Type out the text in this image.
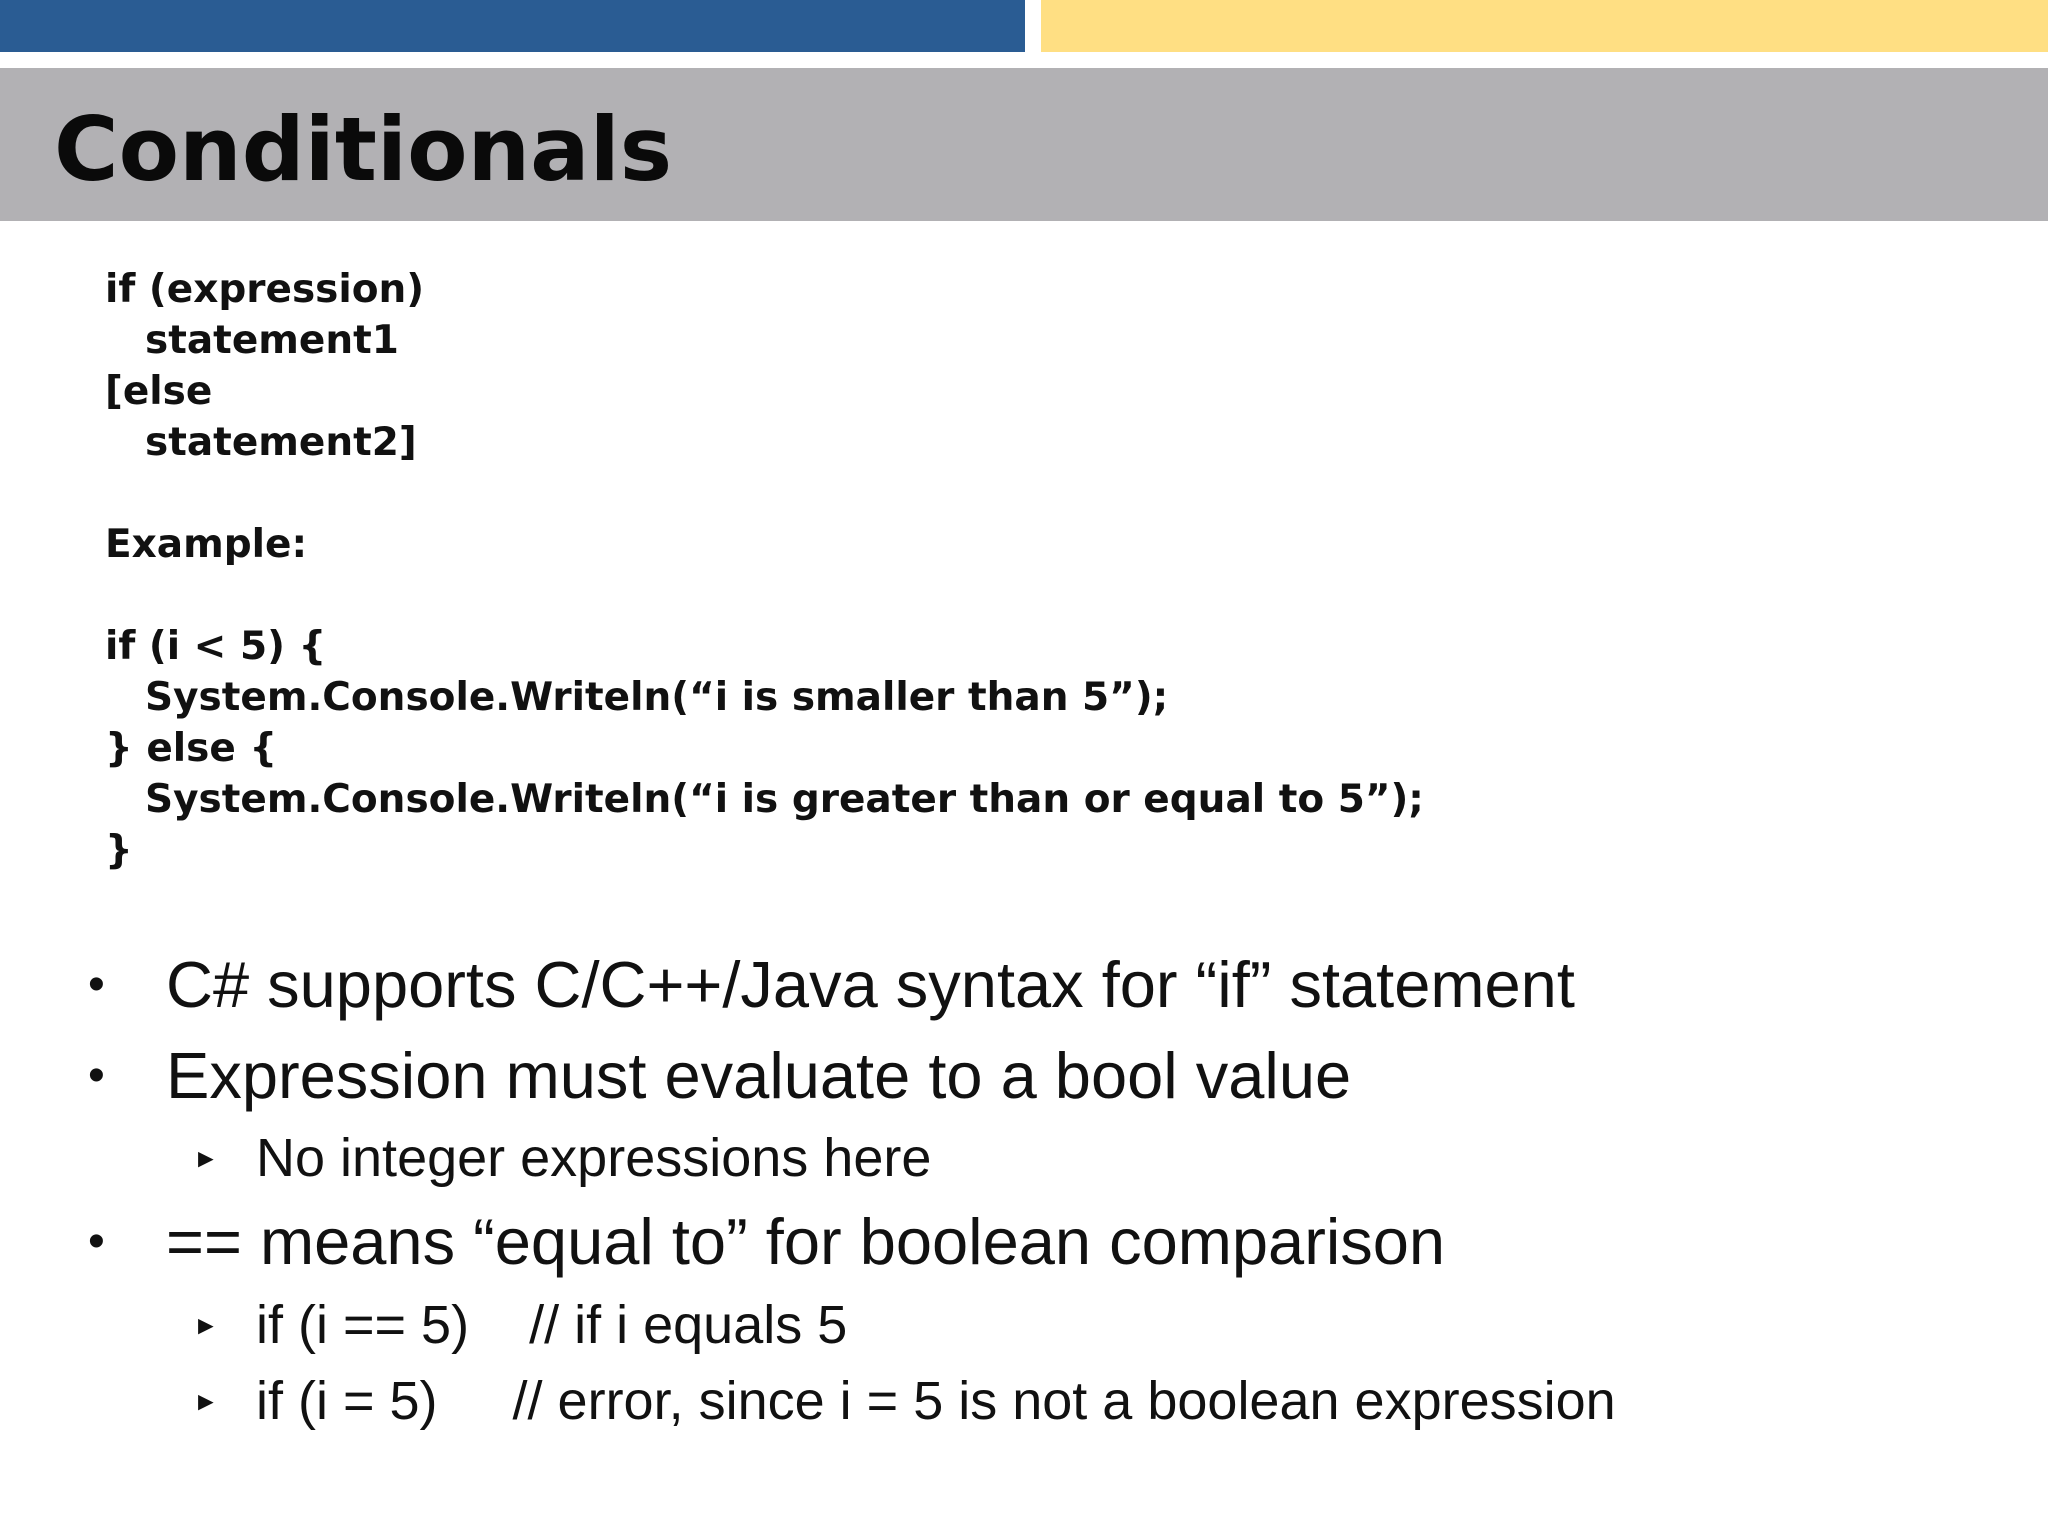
Conditionals
if (expression)
statement1
[else
statement2]
Example:
if (i < 5) {
System.Console.Writeln(“i is smaller than 5”);
} else {
System.Console.Writeln(“i is greater than or equal to 5”);
}
• C# supports C/C++/Java syntax for “if” statement
• Expression must evaluate to a bool value
► No integer expressions here
• == means “equal to” for boolean comparison
► if (i == 5)    // if i equals 5
► if (i = 5)     // error, since i = 5 is not a boolean expression
